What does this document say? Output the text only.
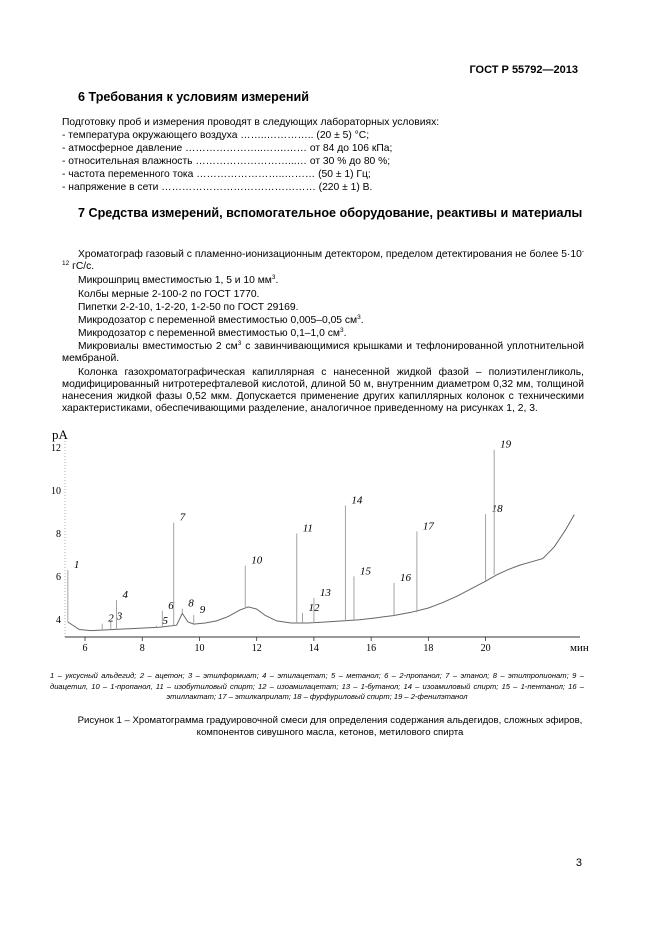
ГОСТ Р 55792—2013
6 Требования к условиям измерений
Подготовку проб и измерения проводят в следующих лабораторных условиях:
- температура окружающего воздуха ……..………….. (20 ± 5) °С;
- атмосферное давление …………………..…….…… от 84 до 106 кПа;
- относительная влажность ………………………...… от 30 % до 80 %;
- частота переменного тока ……………………..……… (50 ± 1) Гц;
- напряжение в сети ……………………………………… (220 ± 1) В.
7 Средства измерений, вспомогательное оборудование, реактивы и материалы
Хроматограф газовый с пламенно-ионизационным детектором, пределом детектирования не более $5\cdot 10^{-12}$ гС/с.
Микрошприц вместимостью 1, 5 и 10 $мм^3$.
Колбы мерные 2-100-2 по ГОСТ 1770.
Пипетки 2-2-10, 1-2-20, 1-2-50 по ГОСТ 29169.
Микродозатор с переменной вместимостью 0,005–0,05 $см^3$.
Микродозатор с переменной вместимостью 0,1–1,0 $см^3$.
Микровиалы вместимостью 2 $см^3$ с завинчивающимися крышками и тефлонированной уплотнительной мембраной.
Колонка газохроматографическая капиллярная с нанесенной жидкой фазой – полиэтиленгликоль, модифицированный нитротерефталевой кислотой, длиной 50 м, внутренним диаметром 0,32 мм, толщиной нанесения жидкой фазы 0,52 мкм. Допускается применение других капиллярных колонок с техническими характеристиками, обеспечивающими разделение, аналогичное приведенному на рисунках 1, 2, 3.
pA
мин
6	8	10	12	14	16	18	20
4
6
8
10
12
1
2 3
4
5
6
7
8
9
10
11
12
13
14
15
16
17
18
19
1 – уксусный альдегид; 2 – ацетон; 3 – этилформиат; 4 – этилацетат; 5 – метанол; 6 – 2-пропанол; 7 – этанол; 8 – этилпропионат; 9 – диацетил, 10 – 1-пропанол, 11 – изобутиловый спирт; 12 – изоамилацетат; 13 – 1-бутанол; 14 – изоамиловый спирт; 15 – 1-пентанол; 16 – этиллактат; 17 – этилкаприлат; 18 – фурфуриловый спирт; 19 – 2-фенилэтанол
Рисунок 1 – Хроматограмма градуировочной смеси для определения содержания альдегидов, сложных эфиров, компонентов сивушного масла, кетонов, метилового спирта
3
